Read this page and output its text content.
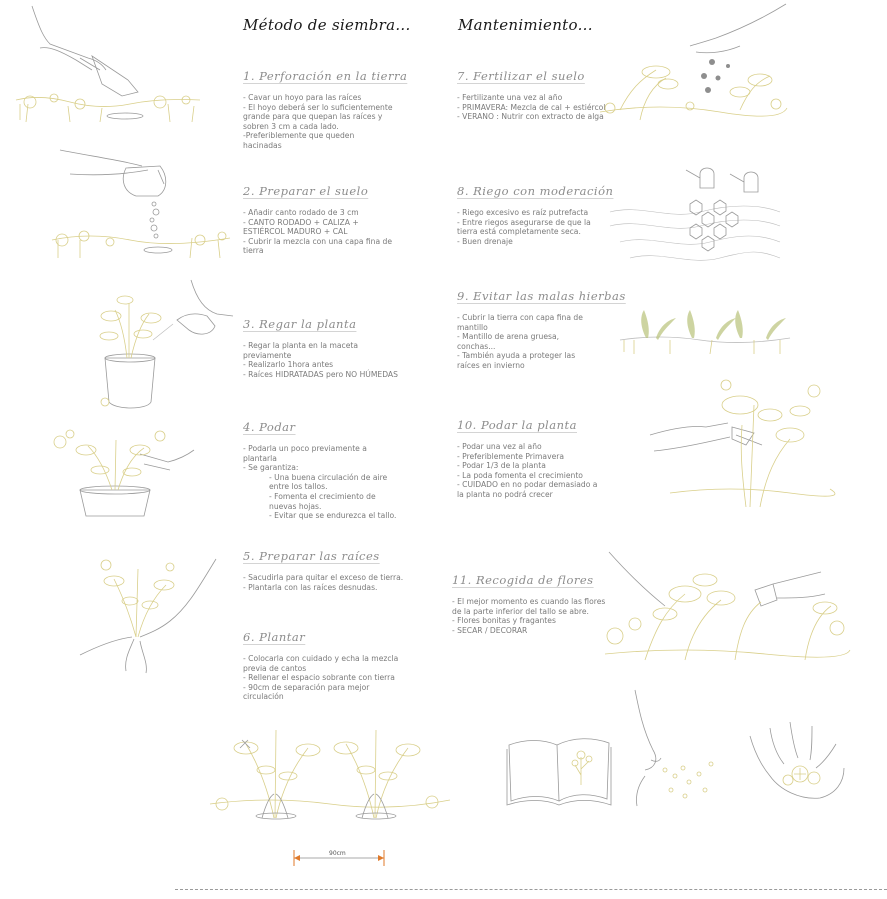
Método de siembra...	Mantenimiento...
1. Perforación en la tierra
- Cavar un hoyo para las raíces
- El hoyo deberá ser lo suficientemente grande para que quepan las raíces y sobren 3 cm a cada lado.
-Preferiblemente que queden hacinadas
2. Preparar el suelo
- Añadir canto rodado de 3 cm
- CANTO RODADO + CALIZA + ESTIÉRCOL MADURO + CAL
- Cubrir la mezcla con una capa fina de tierra
3. Regar la planta
- Regar la planta en la maceta previamente
- Realizarlo 1hora antes
- Raíces HIDRATADAS pero NO HÚMEDAS
4. Podar
- Podarla un poco previamente a plantarla
- Se garantiza:
- Una buena circulación de aire entre los tallos.
- Fomenta el crecimiento de nuevas hojas.
- Evitar que se endurezca el tallo.
5. Preparar las raíces
- Sacudirla para quitar el exceso de tierra.
- Plantarla con las raíces desnudas.
6. Plantar
- Colocarla con cuidado y echa la mezcla previa de cantos
- Rellenar el espacio sobrante con tierra
- 90cm de separación para mejor circulación
7. Fertilizar el suelo
- Fertilizante una vez al año
- PRIMAVERA: Mezcla de cal + estiércol
- VERANO : Nutrir con extracto de alga
8. Riego con moderación
- Riego excesivo es raíz putrefacta
- Entre riegos asegurarse de que la tierra está completamente seca.
- Buen drenaje
9. Evitar las malas hierbas
- Cubrir la tierra con capa fina de mantillo
- Mantillo de arena gruesa, conchas...
- También ayuda a proteger las raíces en invierno
10. Podar la planta
- Podar una vez al año
- Preferiblemente Primavera
- Podar 1/3 de la planta
- La poda fomenta el crecimiento
- CUIDADO en no podar demasiado a la planta no podrá crecer
11. Recogida de flores
- El mejor momento es cuando las flores de la parte inferior del tallo se abre.
- Flores bonitas y fragantes
- SECAR / DECORAR
90cm
